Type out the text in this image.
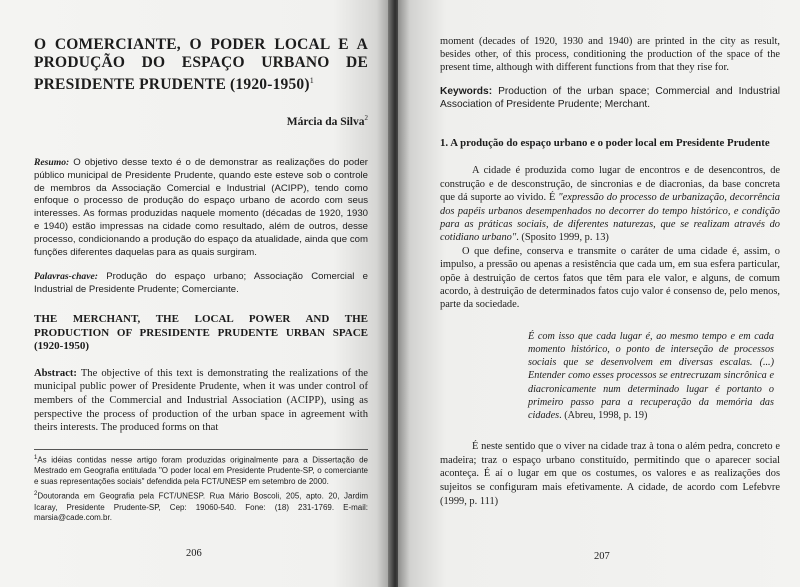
O COMERCIANTE, O PODER LOCAL E A PRODUÇÃO DO ESPAÇO URBANO DE PRESIDENTE PRUDENTE (1920-1950)$^1$
Márcia da Silva$^2$

Resumo: O objetivo desse texto é o de demonstrar as realizações do poder público municipal de Presidente Prudente, quando este esteve sob o controle de membros da Associação Comercial e Industrial (ACIPP), tendo como enfoque o processo de produção do espaço urbano de acordo com seus interesses. As formas produzidas naquele momento (décadas de 1920, 1930 e 1940) estão impressas na cidade como resultado, além de outros, desse processo, condicionando a produção do espaço da atualidade, ainda que com funções diferentes daquelas para as quais surgiram.

Palavras-chave: Produção do espaço urbano; Associação Comercial e Industrial de Presidente Prudente; Comerciante.

THE MERCHANT, THE LOCAL POWER AND THE PRODUCTION OF PRESIDENTE PRUDENTE URBAN SPACE (1920-1950)

Abstract: The objective of this text is demonstrating the realizations of the municipal public power of Presidente Prudente, when it was under control of members of the Commercial and Industrial Association (ACIPP), using as perspective the process of production of the urban space in agreement with theirs interests. The produced forms on that

$^1$As idéias contidas nesse artigo foram produzidas originalmente para a Dissertação de Mestrado em Geografia entitulada "O poder local em Presidente Prudente-SP, o comerciante e suas representações sociais" defendida pela FCT/UNESP em setembro de 2000.

$^2$Doutoranda em Geografia pela FCT/UNESP. Rua Mário Boscoli, 205, apto. 20, Jardim Icaray, Presidente Prudente-SP, Cep: 19060-540. Fone: (18) 231-1769. E-mail: marsia@cade.com.br.

206

moment (decades of 1920, 1930 and 1940) are printed in the city as result, besides other, of this process, conditioning the production of the space of the present time, although with different functions from that they rise for.

Keywords: Production of the urban space; Commercial and Industrial Association of Presidente Prudente; Merchant.

1. A produção do espaço urbano e o poder local em Presidente Prudente

A cidade é produzida como lugar de encontros e de desencontros, de construção e de desconstrução, de sincronias e de diacronias, da base concreta que dá suporte ao vivido. É "expressão do processo de urbanização, decorrência dos papéis urbanos desempenhados no decorrer do tempo histórico, e condição para as práticas sociais, de diferentes naturezas, que se realizam através do cotidiano urbano". (Sposito 1999, p. 13)

O que define, conserva e transmite o caráter de uma cidade é, assim, o impulso, a pressão ou apenas a resistência que cada um, em sua esfera particular, opõe à destruição de certos fatos que têm para ele valor, e alguns, de comum acordo, à destruição de determinados fatos cujo valor é consenso de, pelo menos, parte da sociedade.

É com isso que cada lugar é, ao mesmo tempo e em cada momento histórico, o ponto de interseção de processos sociais que se desenvolvem em diversas escalas. (...) Entender como esses processos se entrecruzam sincrônica e diacronicamente num determinado lugar é portanto o primeiro passo para a recuperação da memória das cidades. (Abreu, 1998, p. 19)

É neste sentido que o viver na cidade traz à tona o além pedra, concreto e madeira; traz o espaço urbano constituído, permitindo que o aparecer social aconteça. É aí o lugar em que os costumes, os valores e as realizações dos sujeitos se configuram mais efetivamente. A cidade, de acordo com Lefebvre (1999, p. 111)

207
